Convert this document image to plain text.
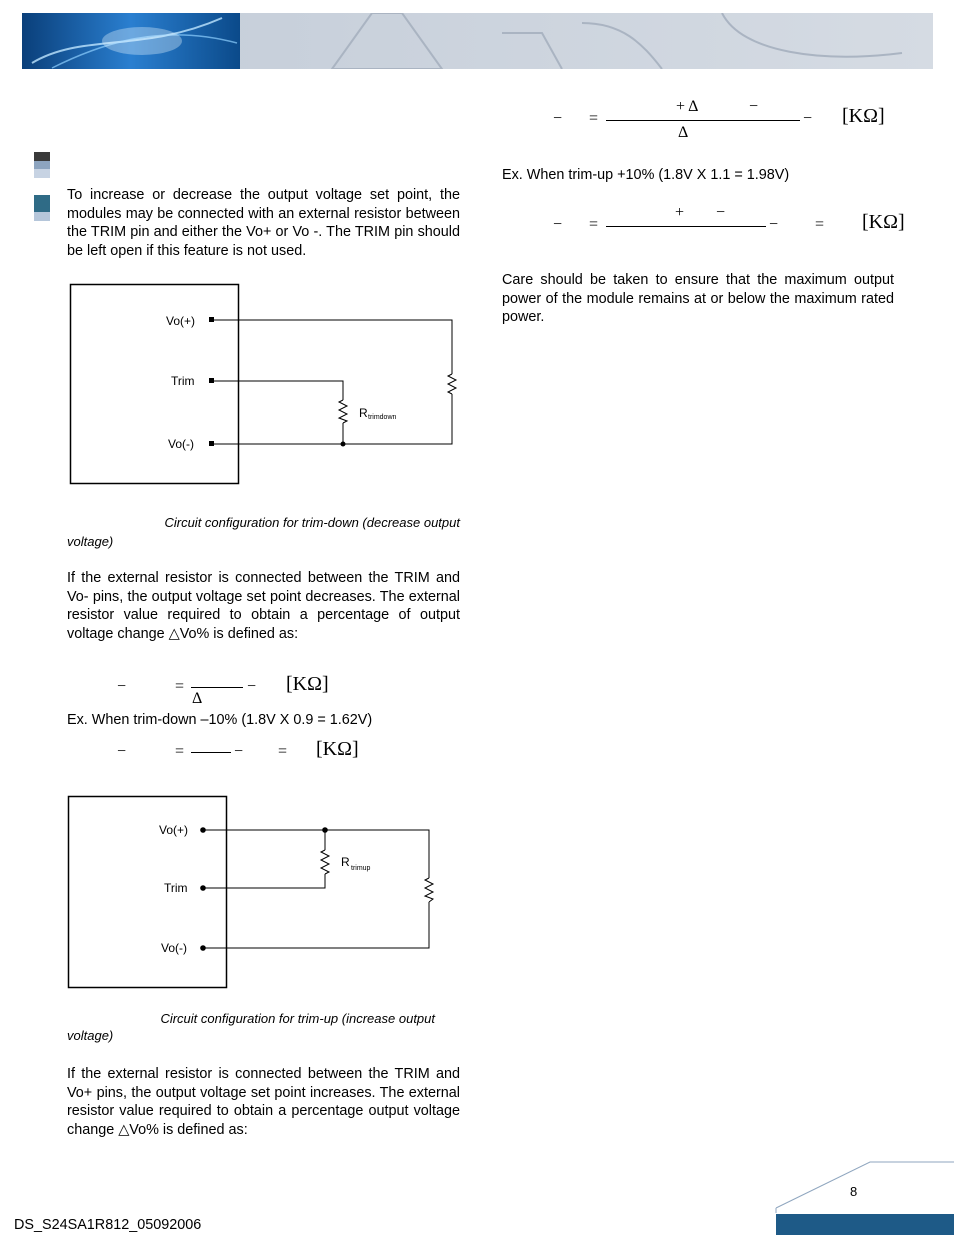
To increase or decrease the output voltage set point, the modules may be connected with an external resistor between the TRIM pin and either the Vo+ or Vo -. The TRIM pin should be left open if this feature is not used.

Vo(+)
Trim
Vo(-)
R trimdown

Circuit configuration for trim-down (decrease output

voltage)

If the external resistor is connected between the TRIM and Vo- pins, the output voltage set point decreases. The external resistor value required to obtain a percentage of output voltage change △Vo% is defined as:

−	=
Δ
− [KΩ]

Ex. When trim-down –10% (1.8V X 0.9 = 1.62V)

−	=	− = [KΩ]
Vo(+)
Trim
Vo(-)
R trimup

Circuit configuration for trim-up (increase output

voltage)

If the external resistor is connected between the TRIM and Vo+ pins, the output voltage set point increases. The external resistor value required to obtain a percentage output voltage change △Vo% is defined as:

− =
+ Δ	−
Δ
− [KΩ]

Ex. When trim-up +10% (1.8V X 1.1 = 1.98V)

− =
+ −
− = [KΩ]

Care should be taken to ensure that the maximum output power of the module remains at or below the maximum rated power.

DS_S24SA1R812_05092006
8
